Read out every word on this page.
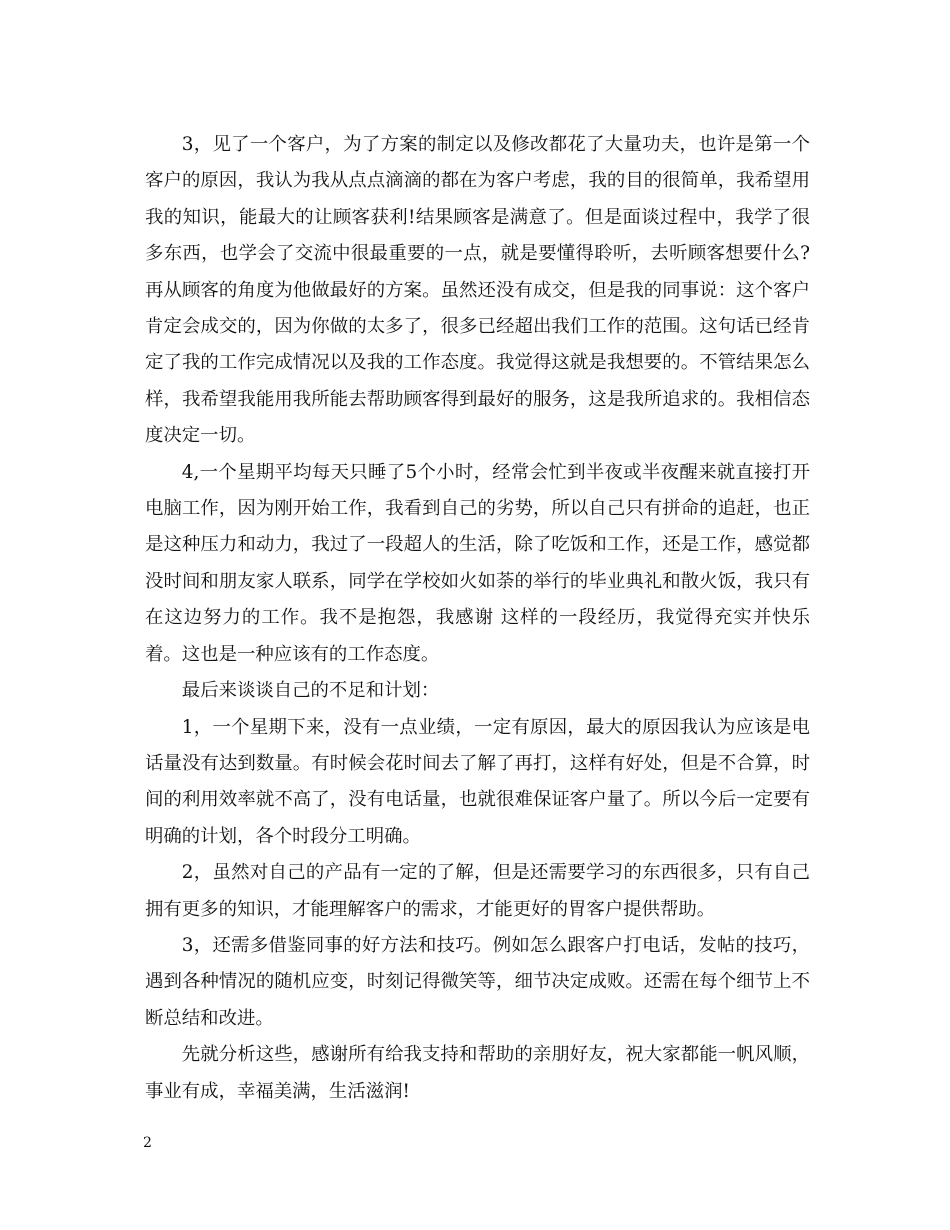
3，见了一个客户，为了方案的制定以及修改都花了大量功夫，也许是第一个客户的原因，我认为我从点点滴滴的都在为客户考虑，我的目的很简单，我希望用我的知识，能最大的让顾客获利!结果顾客是满意了。但是面谈过程中，我学了很多东西，也学会了交流中很最重要的一点，就是要懂得聆听，去听顾客想要什么?再从顾客的角度为他做最好的方案。虽然还没有成交，但是我的同事说：这个客户肯定会成交的，因为你做的太多了，很多已经超出我们工作的范围。这句话已经肯定了我的工作完成情况以及我的工作态度。我觉得这就是我想要的。不管结果怎么样，我希望我能用我所能去帮助顾客得到最好的服务，这是我所追求的。我相信态度决定一切。

4,一个星期平均每天只睡了5个小时，经常会忙到半夜或半夜醒来就直接打开电脑工作，因为刚开始工作，我看到自己的劣势，所以自己只有拼命的追赶，也正是这种压力和动力，我过了一段超人的生活，除了吃饭和工作，还是工作，感觉都没时间和朋友家人联系，同学在学校如火如荼的举行的毕业典礼和散火饭，我只有在这边努力的工作。我不是抱怨，我感谢 这样的一段经历，我觉得充实并快乐着。这也是一种应该有的工作态度。

最后来谈谈自己的不足和计划：

1，一个星期下来，没有一点业绩，一定有原因，最大的原因我认为应该是电话量没有达到数量。有时候会花时间去了解了再打，这样有好处，但是不合算，时间的利用效率就不高了，没有电话量，也就很难保证客户量了。所以今后一定要有明确的计划，各个时段分工明确。

2，虽然对自己的产品有一定的了解，但是还需要学习的东西很多，只有自己拥有更多的知识，才能理解客户的需求，才能更好的胃客户提供帮助。

3，还需多借鉴同事的好方法和技巧。例如怎么跟客户打电话，发帖的技巧，遇到各种情况的随机应变，时刻记得微笑等，细节决定成败。还需在每个细节上不断总结和改进。

先就分析这些，感谢所有给我支持和帮助的亲朋好友，祝大家都能一帆风顺，事业有成，幸福美满，生活滋润!

2
